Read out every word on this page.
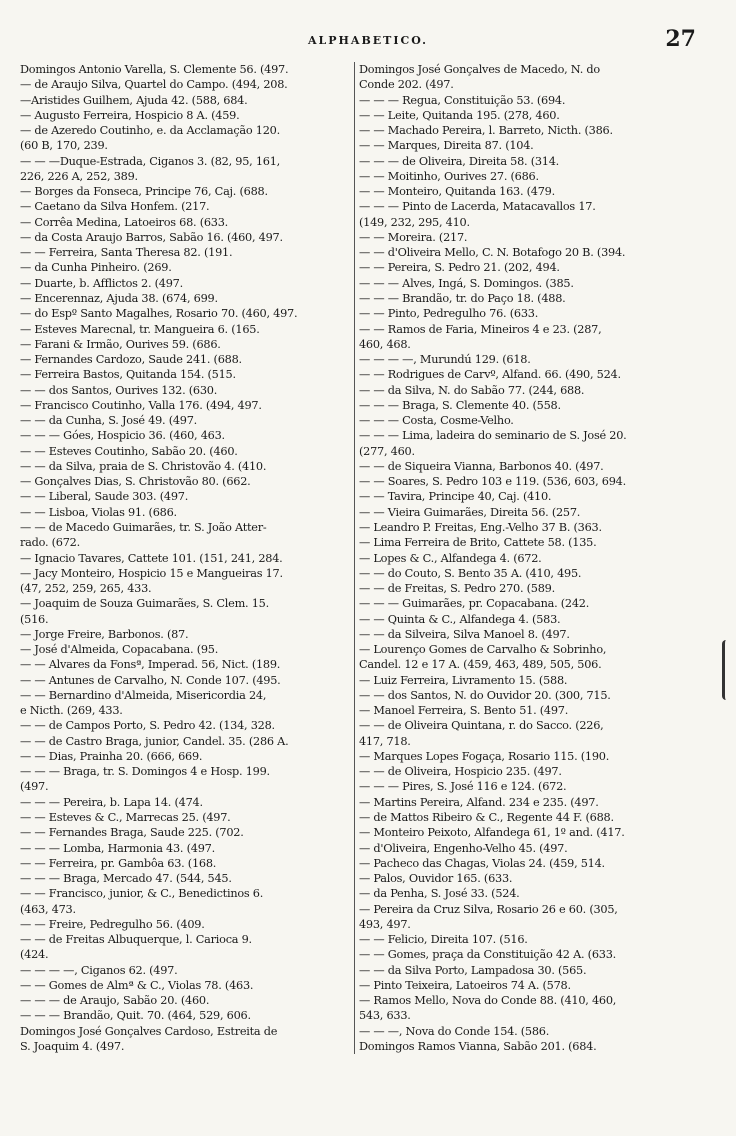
ALPHABETICO.	27
Domingos Antonio Varella, S. Clemente 56. (497.
— de Araujo Silva, Quartel do Campo. (494, 208.
—Aristides Guilhem, Ajuda 42. (588, 684.
— Augusto Ferreira, Hospicio 8 A. (459.
— de Azeredo Coutinho, e. da Acclamação 120.
(60 B, 170, 239.
— — —Duque-Estrada, Ciganos 3. (82, 95, 161,
226, 226 A, 252, 389.
— Borges da Fonseca, Principe 76, Caj. (688.
— Caetano da Silva Honfem. (217.
— Corrêa Medina, Latoeiros 68. (633.
— da Costa Araujo Barros, Sabão 16. (460, 497.
— — Ferreira, Santa Theresa 82. (191.
— da Cunha Pinheiro. (269.
— Duarte, b. Afflictos 2. (497.
— Encerennaz, Ajuda 38. (674, 699.
— do Espº Santo Magalhes, Rosario 70. (460, 497.
— Esteves Marecnal, tr. Mangueira 6. (165.
— Farani & Irmão, Ourives 59. (686.
— Fernandes Cardozo, Saude 241. (688.
— Ferreira Bastos, Quitanda 154. (515.
— — dos Santos, Ourives 132. (630.
— Francisco Coutinho, Valla 176. (494, 497.
— — da Cunha, S. José 49. (497.
— — — Góes, Hospicio 36. (460, 463.
— — Esteves Coutinho, Sabão 20. (460.
— — da Silva, praia de S. Christovão 4. (410.
— Gonçalves Dias, S. Christovão 80. (662.
— — Liberal, Saude 303. (497.
— — Lisboa, Violas 91. (686.
— — de Macedo Guimarães, tr. S. João Atter-
rado. (672.
— Ignacio Tavares, Cattete 101. (151, 241, 284.
— Jacy Monteiro, Hospicio 15 e Mangueiras 17.
(47, 252, 259, 265, 433.
— Joaquim de Souza Guimarães, S. Clem. 15.
(516.
— Jorge Freire, Barbonos. (87.
— José d'Almeida, Copacabana. (95.
— — Alvares da Fonsª, Imperad. 56, Nict. (189.
— — Antunes de Carvalho, N. Conde 107. (495.
— — Bernardino d'Almeida, Misericordia 24,
e Nicth. (269, 433.
— — de Campos Porto, S. Pedro 42. (134, 328.
— — de Castro Braga, junior, Candel. 35. (286 A.
— — Dias, Prainha 20. (666, 669.
— — — Braga, tr. S. Domingos 4 e Hosp. 199.
(497.
— — — Pereira, b. Lapa 14. (474.
— — Esteves & C., Marrecas 25. (497.
— — Fernandes Braga, Saude 225. (702.
— — — Lomba, Harmonia 43. (497.
— — Ferreira, pr. Gambôa 63. (168.
— — — Braga, Mercado 47. (544, 545.
— — Francisco, junior, & C., Benedictinos 6.
(463, 473.
— — Freire, Pedregulho 56. (409.
— — de Freitas Albuquerque, l. Carioca 9.
(424.
— — — —, Ciganos 62. (497.
— — Gomes de Almª & C., Violas 78. (463.
— — — de Araujo, Sabão 20. (460.
— — — Brandão, Quit. 70. (464, 529, 606.
Domingos José Gonçalves Cardoso, Estreita de
S. Joaquim 4. (497.
Domingos José Gonçalves de Macedo, N. do
Conde 202. (497.
— — — Regua, Constituição 53. (694.
— — Leite, Quitanda 195. (278, 460.
— — Machado Pereira, l. Barreto, Nicth. (386.
— — Marques, Direita 87. (104.
— — — de Oliveira, Direita 58. (314.
— — Moitinho, Ourives 27. (686.
— — Monteiro, Quitanda 163. (479.
— — — Pinto de Lacerda, Matacavallos 17.
(149, 232, 295, 410.
— — Moreira. (217.
— — d'Oliveira Mello, C. N. Botafogo 20 B. (394.
— — Pereira, S. Pedro 21. (202, 494.
— — — Alves, Ingá, S. Domingos. (385.
— — — Brandão, tr. do Paço 18. (488.
— — Pinto, Pedregulho 76. (633.
— — Ramos de Faria, Mineiros 4 e 23. (287,
460, 468.
— — — —, Murundú 129. (618.
— — Rodrigues de Carvº, Alfand. 66. (490, 524.
— — da Silva, N. do Sabão 77. (244, 688.
— — — Braga, S. Clemente 40. (558.
— — — Costa, Cosme-Velho.
— — — Lima, ladeira do seminario de S. José 20.
(277, 460.
— — de Siqueira Vianna, Barbonos 40. (497.
— — Soares, S. Pedro 103 e 119. (536, 603, 694.
— — Tavira, Principe 40, Caj. (410.
— — Vieira Guimarães, Direita 56. (257.
— Leandro P. Freitas, Eng.-Velho 37 B. (363.
— Lima Ferreira de Brito, Cattete 58. (135.
— Lopes & C., Alfandega 4. (672.
— — do Couto, S. Bento 35 A. (410, 495.
— — de Freitas, S. Pedro 270. (589.
— — — Guimarães, pr. Copacabana. (242.
— — Quinta & C., Alfandega 4. (583.
— — da Silveira, Silva Manoel 8. (497.
— Lourenço Gomes de Carvalho & Sobrinho,
Candel. 12 e 17 A. (459, 463, 489, 505, 506.
— Luiz Ferreira, Livramento 15. (588.
— — dos Santos, N. do Ouvidor 20. (300, 715.
— Manoel Ferreira, S. Bento 51. (497.
— — de Oliveira Quintana, r. do Sacco. (226,
417, 718.
— Marques Lopes Fogaça, Rosario 115. (190.
— — de Oliveira, Hospicio 235. (497.
— — — Pires, S. José 116 e 124. (672.
— Martins Pereira, Alfand. 234 e 235. (497.
— de Mattos Ribeiro & C., Regente 44 F. (688.
— Monteiro Peixoto, Alfandega 61, 1º and. (417.
— d'Oliveira, Engenho-Velho 45. (497.
— Pacheco das Chagas, Violas 24. (459, 514.
— Palos, Ouvidor 165. (633.
— da Penha, S. José 33. (524.
— Pereira da Cruz Silva, Rosario 26 e 60. (305,
493, 497.
— — Felicio, Direita 107. (516.
— — Gomes, praça da Constituição 42 A. (633.
— — da Silva Porto, Lampadosa 30. (565.
— Pinto Teixeira, Latoeiros 74 A. (578.
— Ramos Mello, Nova do Conde 88. (410, 460,
543, 633.
— — —, Nova do Conde 154. (586.
Domingos Ramos Vianna, Sabão 201. (684.
